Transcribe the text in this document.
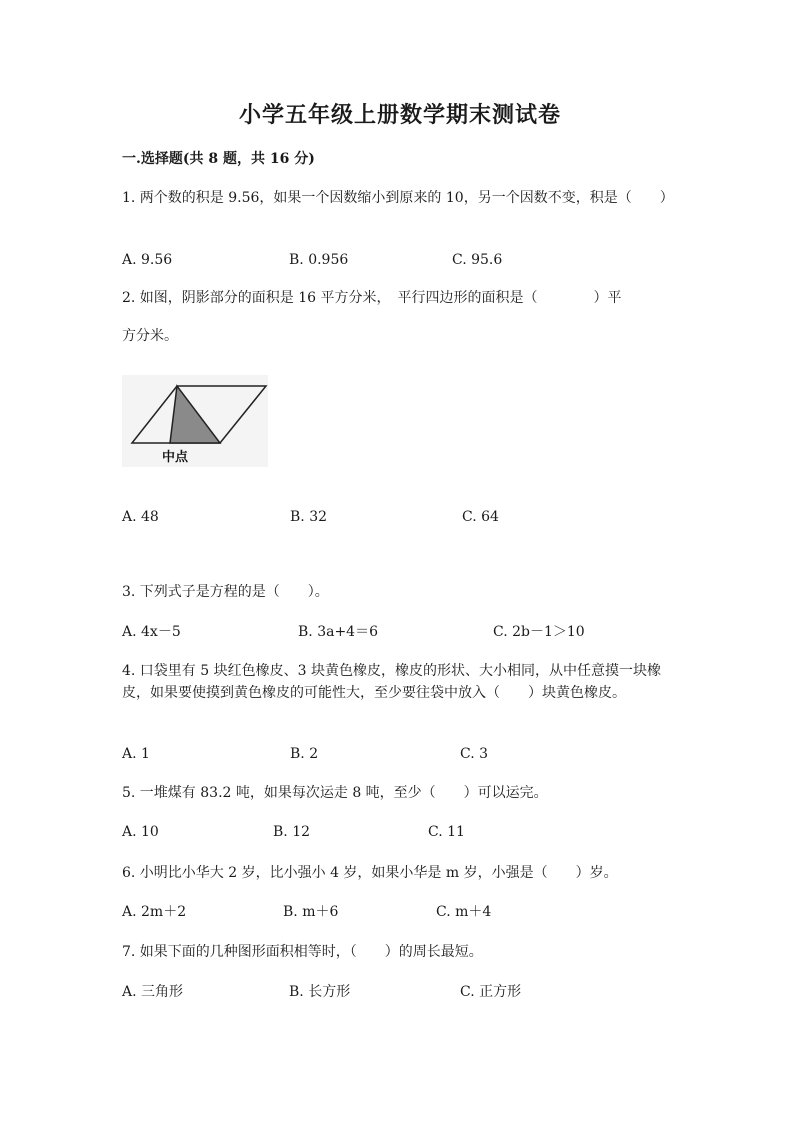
小学五年级上册数学期末测试卷
一.选择题(共 8 题，共 16 分)
1. 两个数的积是 9.56，如果一个因数缩小到原来的 10，另一个因数不变，积是（　　）
A. 9.56	B. 0.956	C. 95.6
2. 如图，阴影部分的面积是 16 平方分米，　平行四边形的面积是（　　　　）平
方分米。
中点
A. 48	B. 32	C. 64
3. 下列式子是方程的是（　　）。
A. 4x－5	B. 3a+4＝6	C. 2b－1＞10
4. 口袋里有 5 块红色橡皮、3 块黄色橡皮，橡皮的形状、大小相同，从中任意摸一块橡皮，如果要使摸到黄色橡皮的可能性大，至少要往袋中放入（　　）块黄色橡皮。
A. 1	B. 2	C. 3
5. 一堆煤有 83.2 吨，如果每次运走 8 吨，至少（　　）可以运完。
A. 10	B. 12	C. 11
6. 小明比小华大 2 岁，比小强小 4 岁，如果小华是 m 岁，小强是（　　）岁。
A. 2m＋2	B. m＋6	C. m＋4
7. 如果下面的几种图形面积相等时，（　　）的周长最短。
A. 三角形	B. 长方形	C. 正方形
